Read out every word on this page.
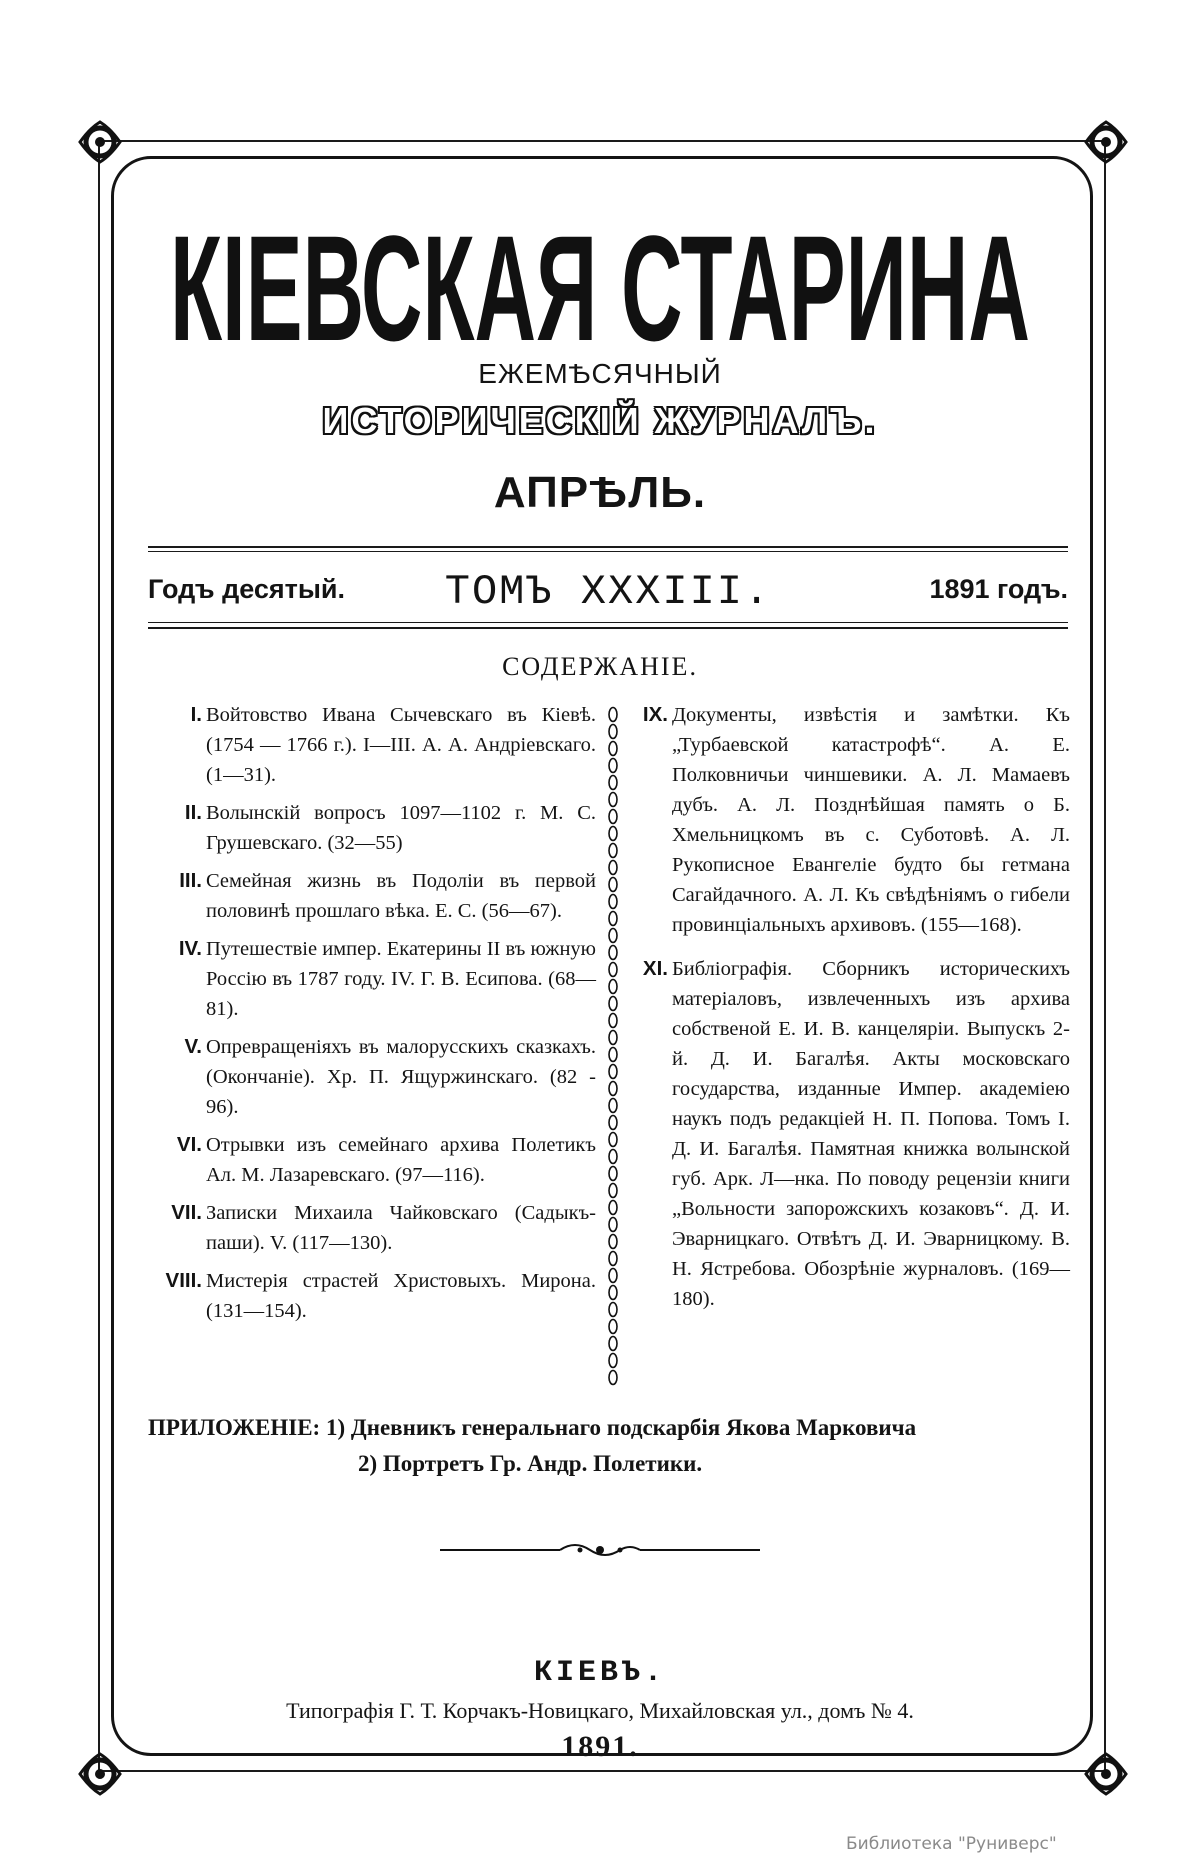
КІЕВСКАЯ СТАРИНА
ЕЖЕМѢСЯЧНЫЙ
ИСТОРИЧЕСКІЙ ЖУРНАЛЪ.
АПРѢЛЬ.
Годъ десятый.	ТОМЪ XXXIII.	1891 годъ.
СОДЕРЖАНІЕ.
I. Войтовство Ивана Сычевскаго въ Кіевѣ. (1754 — 1766 г.). I—III. А. А. Андріевскаго. (1—31).
II. Волынскій вопросъ 1097—1102 г. М. С. Грушевскаго. (32—55)
III. Семейная жизнь въ Подоліи въ первой половинѣ прошлаго вѣка. Е. С. (56—67).
IV. Путешествіе импер. Екатерины II въ южную Россію въ 1787 году. IV. Г. В. Есипова. (68—81).
V. Опревращеніяхъ въ малорусскихъ сказкахъ. (Окончаніе). Хр. П. Ящуржинскаго. (82 - 96).
VI. Отрывки изъ семейнаго архива Полетикъ Ал. М. Лазаревскаго. (97—116).
VII. Записки Михаила Чайковскаго (Садыкъ-паши). V. (117—130).
VIII. Мистерія страстей Христовыхъ. Мирона. (131—154).
IX. Документы, извѣстія и замѣтки. Къ „Турбаевской катастрофѣ“. А. Е. Полковничьи чиншевики. А. Л. Мамаевъ дубъ. А. Л. Позднѣйшая память о Б. Хмельницкомъ въ с. Суботовѣ. А. Л. Рукописное Евангеліе будто бы гетмана Сагайдачного. А. Л. Къ свѣдѣніямъ о гибели провинціальныхъ архивовъ. (155—168).
XI. Библіографія. Сборникъ историческихъ матеріаловъ, извлеченныхъ изъ архива собственой Е. И. В. канцеляріи. Выпускъ 2-й. Д. И. Багалѣя. Акты московскаго государства, изданные Импер. академіею наукъ подъ редакціей Н. П. Попова. Томъ I. Д. И. Багалѣя. Памятная книжка волынской губ. Арк. Л—нка. По поводу рецензіи книги „Вольности запорожскихъ козаковъ“. Д. И. Эварницкаго. Отвѣтъ Д. И. Эварницкому. В. Н. Ястребова. Обозрѣніе журналовъ. (169—180).
ПРИЛОЖЕНІЕ: 1) Дневникъ генеральнаго подскарбія Якова Марковича
2) Портретъ Гр. Андр. Полетики.
КІЕВЪ.
Типографія Г. Т. Корчакъ-Новицкаго, Михайловская ул., домъ № 4.
1891.
Библиотека "Руниверс"
